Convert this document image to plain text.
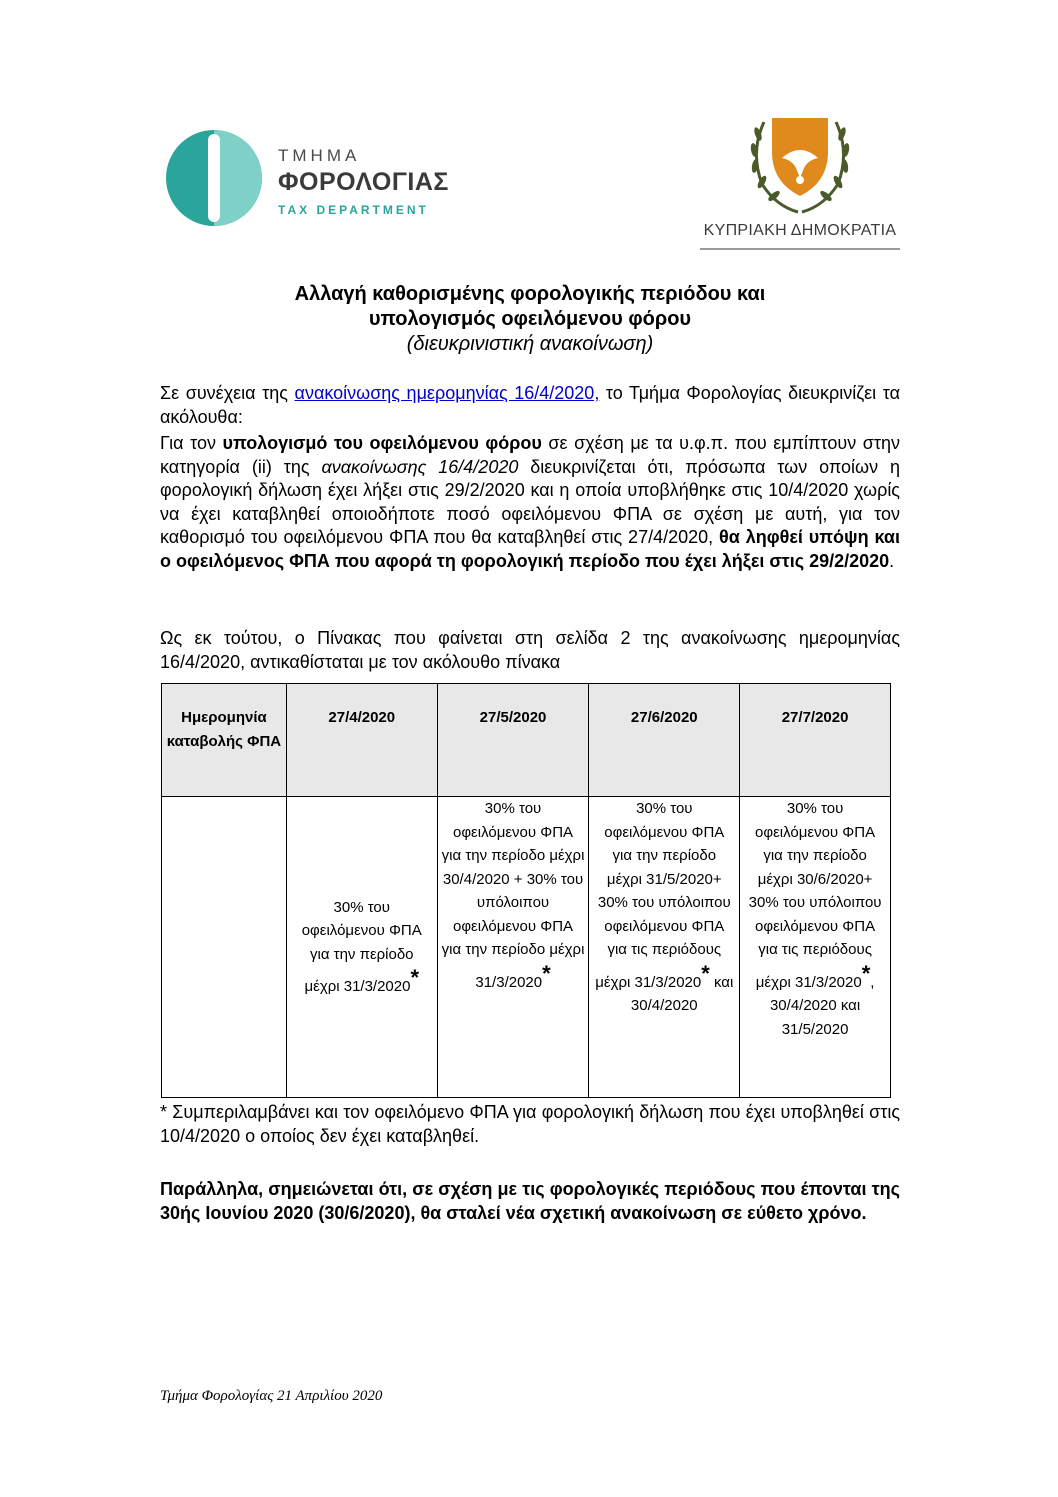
ΤΜΗΜΑ
ΦΟΡΟΛΟΓΙΑΣ
TAX DEPARTMENT
ΚΥΠΡΙΑΚΗ ΔΗΜΟΚΡΑΤΙΑ
Αλλαγή καθορισμένης φορολογικής περιόδου και
υπολογισμός οφειλόμενου φόρου
(διευκρινιστική ανακοίνωση)
Σε συνέχεια της ανακοίνωσης ημερομηνίας 16/4/2020, το Τμήμα Φορολογίας διευκρινίζει τα ακόλουθα:
Για τον υπολογισμό του οφειλόμενου φόρου σε σχέση με τα υ.φ.π. που εμπίπτουν στην κατηγορία (ii) της ανακοίνωσης 16/4/2020 διευκρινίζεται ότι, πρόσωπα των οποίων η φορολογική δήλωση έχει λήξει στις 29/2/2020 και η οποία υποβλήθηκε στις 10/4/2020 χωρίς να έχει καταβληθεί οποιοδήποτε ποσό οφειλόμενου ΦΠΑ σε σχέση με αυτή, για τον καθορισμό του οφειλόμενου ΦΠΑ που θα καταβληθεί στις 27/4/2020, θα ληφθεί υπόψη και ο οφειλόμενος ΦΠΑ που αφορά τη φορολογική περίοδο που έχει λήξει στις 29/2/2020.
Ως εκ τούτου, ο Πίνακας που φαίνεται στη σελίδα 2 της ανακοίνωσης ημερομηνίας 16/4/2020, αντικαθίσταται με τον ακόλουθο πίνακα
Ημερομηνία καταβολής ΦΠΑ	27/4/2020	27/5/2020	27/6/2020	27/7/2020
	30% του οφειλόμενου ΦΠΑ για την περίοδο μέχρι 31/3/2020*	30% του οφειλόμενου ΦΠΑ για την περίοδο μέχρι 30/4/2020 + 30% του υπόλοιπου οφειλόμενου ΦΠΑ για την περίοδο μέχρι 31/3/2020*	30% του οφειλόμενου ΦΠΑ για την περίοδο μέχρι 31/5/2020+ 30% του υπόλοιπου οφειλόμενου ΦΠΑ για τις περιόδους μέχρι 31/3/2020* και 30/4/2020	30% του οφειλόμενου ΦΠΑ για την περίοδο μέχρι 30/6/2020+ 30% του υπόλοιπου οφειλόμενου ΦΠΑ για τις περιόδους μέχρι 31/3/2020*, 30/4/2020 και 31/5/2020
* Συμπεριλαμβάνει και τον οφειλόμενο ΦΠΑ για φορολογική δήλωση που έχει υποβληθεί στις 10/4/2020 ο οποίος δεν έχει καταβληθεί.
Παράλληλα, σημειώνεται ότι, σε σχέση με τις φορολογικές περιόδους που έπονται της 30ής Ιουνίου 2020 (30/6/2020), θα σταλεί νέα σχετική ανακοίνωση σε εύθετο χρόνο.
Τμήμα Φορολογίας 21 Απριλίου 2020
